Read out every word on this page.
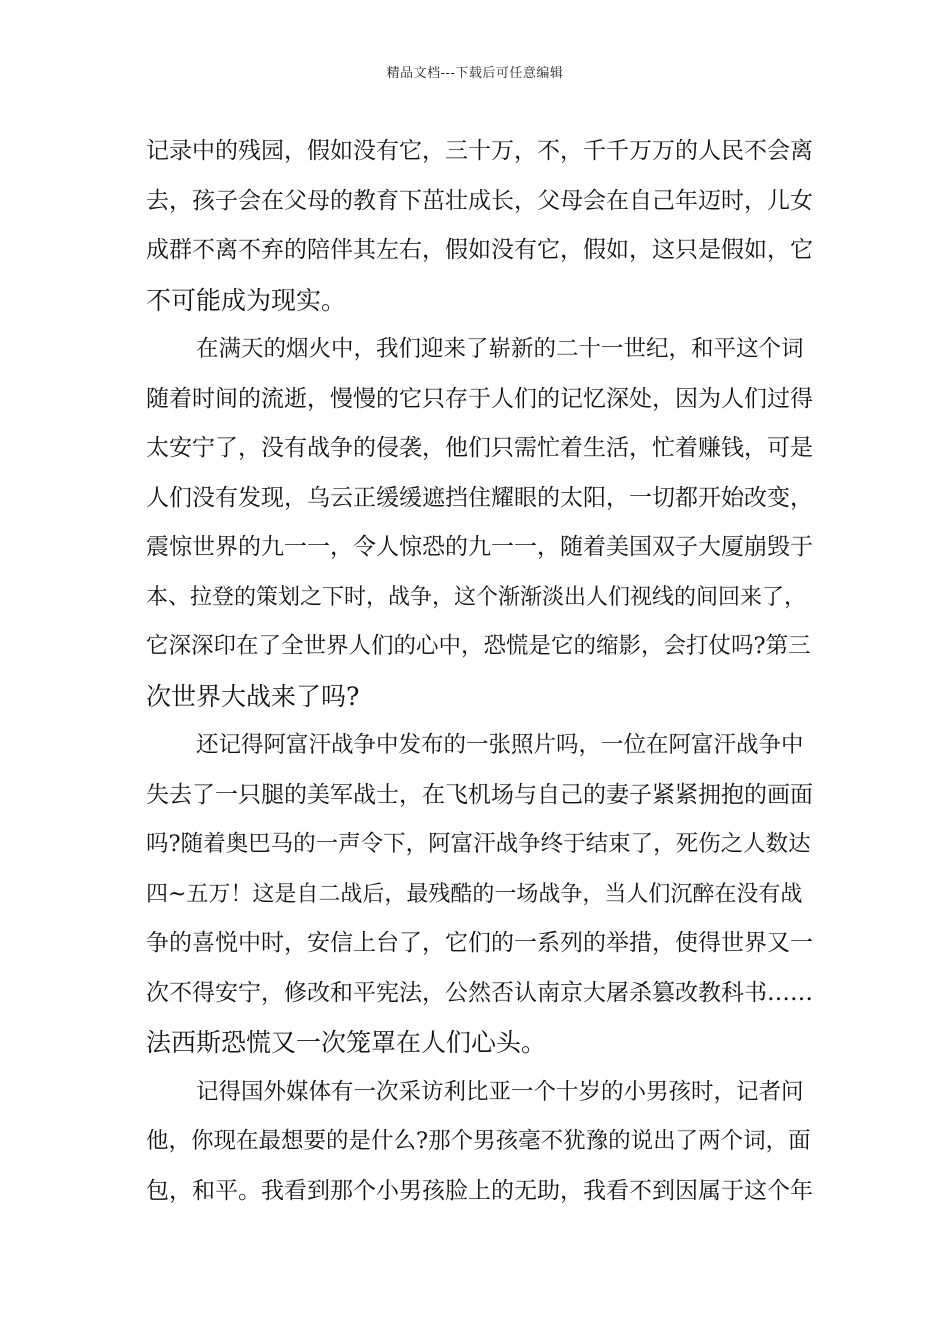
精品文档---下载后可任意编辑

记录中的残园，假如没有它，三十万，不，千千万万的人民不会离
去，孩子会在父母的教育下茁壮成长，父母会在自己年迈时，儿女
成群不离不弃的陪伴其左右，假如没有它，假如，这只是假如，它
不可能成为现实。

在满天的烟火中，我们迎来了崭新的二十一世纪，和平这个词
随着时间的流逝，慢慢的它只存于人们的记忆深处，因为人们过得
太安宁了，没有战争的侵袭，他们只需忙着生活，忙着赚钱，可是
人们没有发现，乌云正缓缓遮挡住耀眼的太阳，一切都开始改变，
震惊世界的九一一，令人惊恐的九一一，随着美国双子大厦崩毁于
本、拉登的策划之下时，战争，这个渐渐淡出人们视线的间回来了，
它深深印在了全世界人们的心中，恐慌是它的缩影，会打仗吗?第三
次世界大战来了吗?

还记得阿富汗战争中发布的一张照片吗，一位在阿富汗战争中
失去了一只腿的美军战士，在飞机场与自己的妻子紧紧拥抱的画面
吗?随着奥巴马的一声令下，阿富汗战争终于结束了，死伤之人数达
四~五万！这是自二战后，最残酷的一场战争，当人们沉醉在没有战
争的喜悦中时，安信上台了，它们的一系列的举措，使得世界又一
次不得安宁，修改和平宪法，公然否认南京大屠杀篡改教科书……
法西斯恐慌又一次笼罩在人们心头。

记得国外媒体有一次采访利比亚一个十岁的小男孩时，记者问
他，你现在最想要的是什么?那个男孩毫不犹豫的说出了两个词，面
包，和平。我看到那个小男孩脸上的无助，我看不到因属于这个年
